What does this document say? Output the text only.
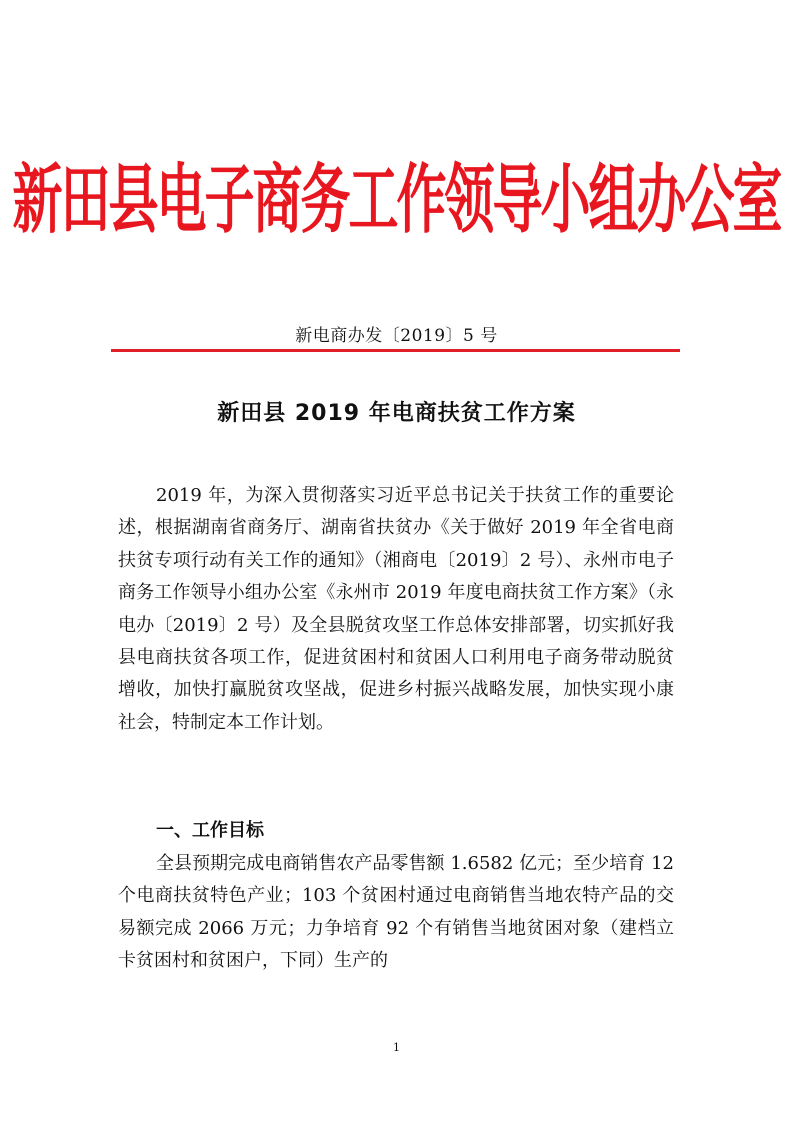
新田县电子商务工作领导小组办公室
新电商办发〔2019〕5 号
新田县 2019 年电商扶贫工作方案

2019 年，为深入贯彻落实习近平总书记关于扶贫工作的重要论述，根据湖南省商务厅、湖南省扶贫办《关于做好 2019 年全省电商扶贫专项行动有关工作的通知》（湘商电〔2019〕2 号）、永州市电子商务工作领导小组办公室《永州市 2019 年度电商扶贫工作方案》（永电办〔2019〕2 号）及全县脱贫攻坚工作总体安排部署，切实抓好我县电商扶贫各项工作，促进贫困村和贫困人口利用电子商务带动脱贫增收，加快打赢脱贫攻坚战，促进乡村振兴战略发展，加快实现小康社会，特制定本工作计划。

一、工作目标

全县预期完成电商销售农产品零售额 1.6582 亿元；至少培育 12 个电商扶贫特色产业；103 个贫困村通过电商销售当地农特产品的交易额完成 2066 万元；力争培育 92 个有销售当地贫困对象（建档立卡贫困村和贫困户，下同）生产的

1
